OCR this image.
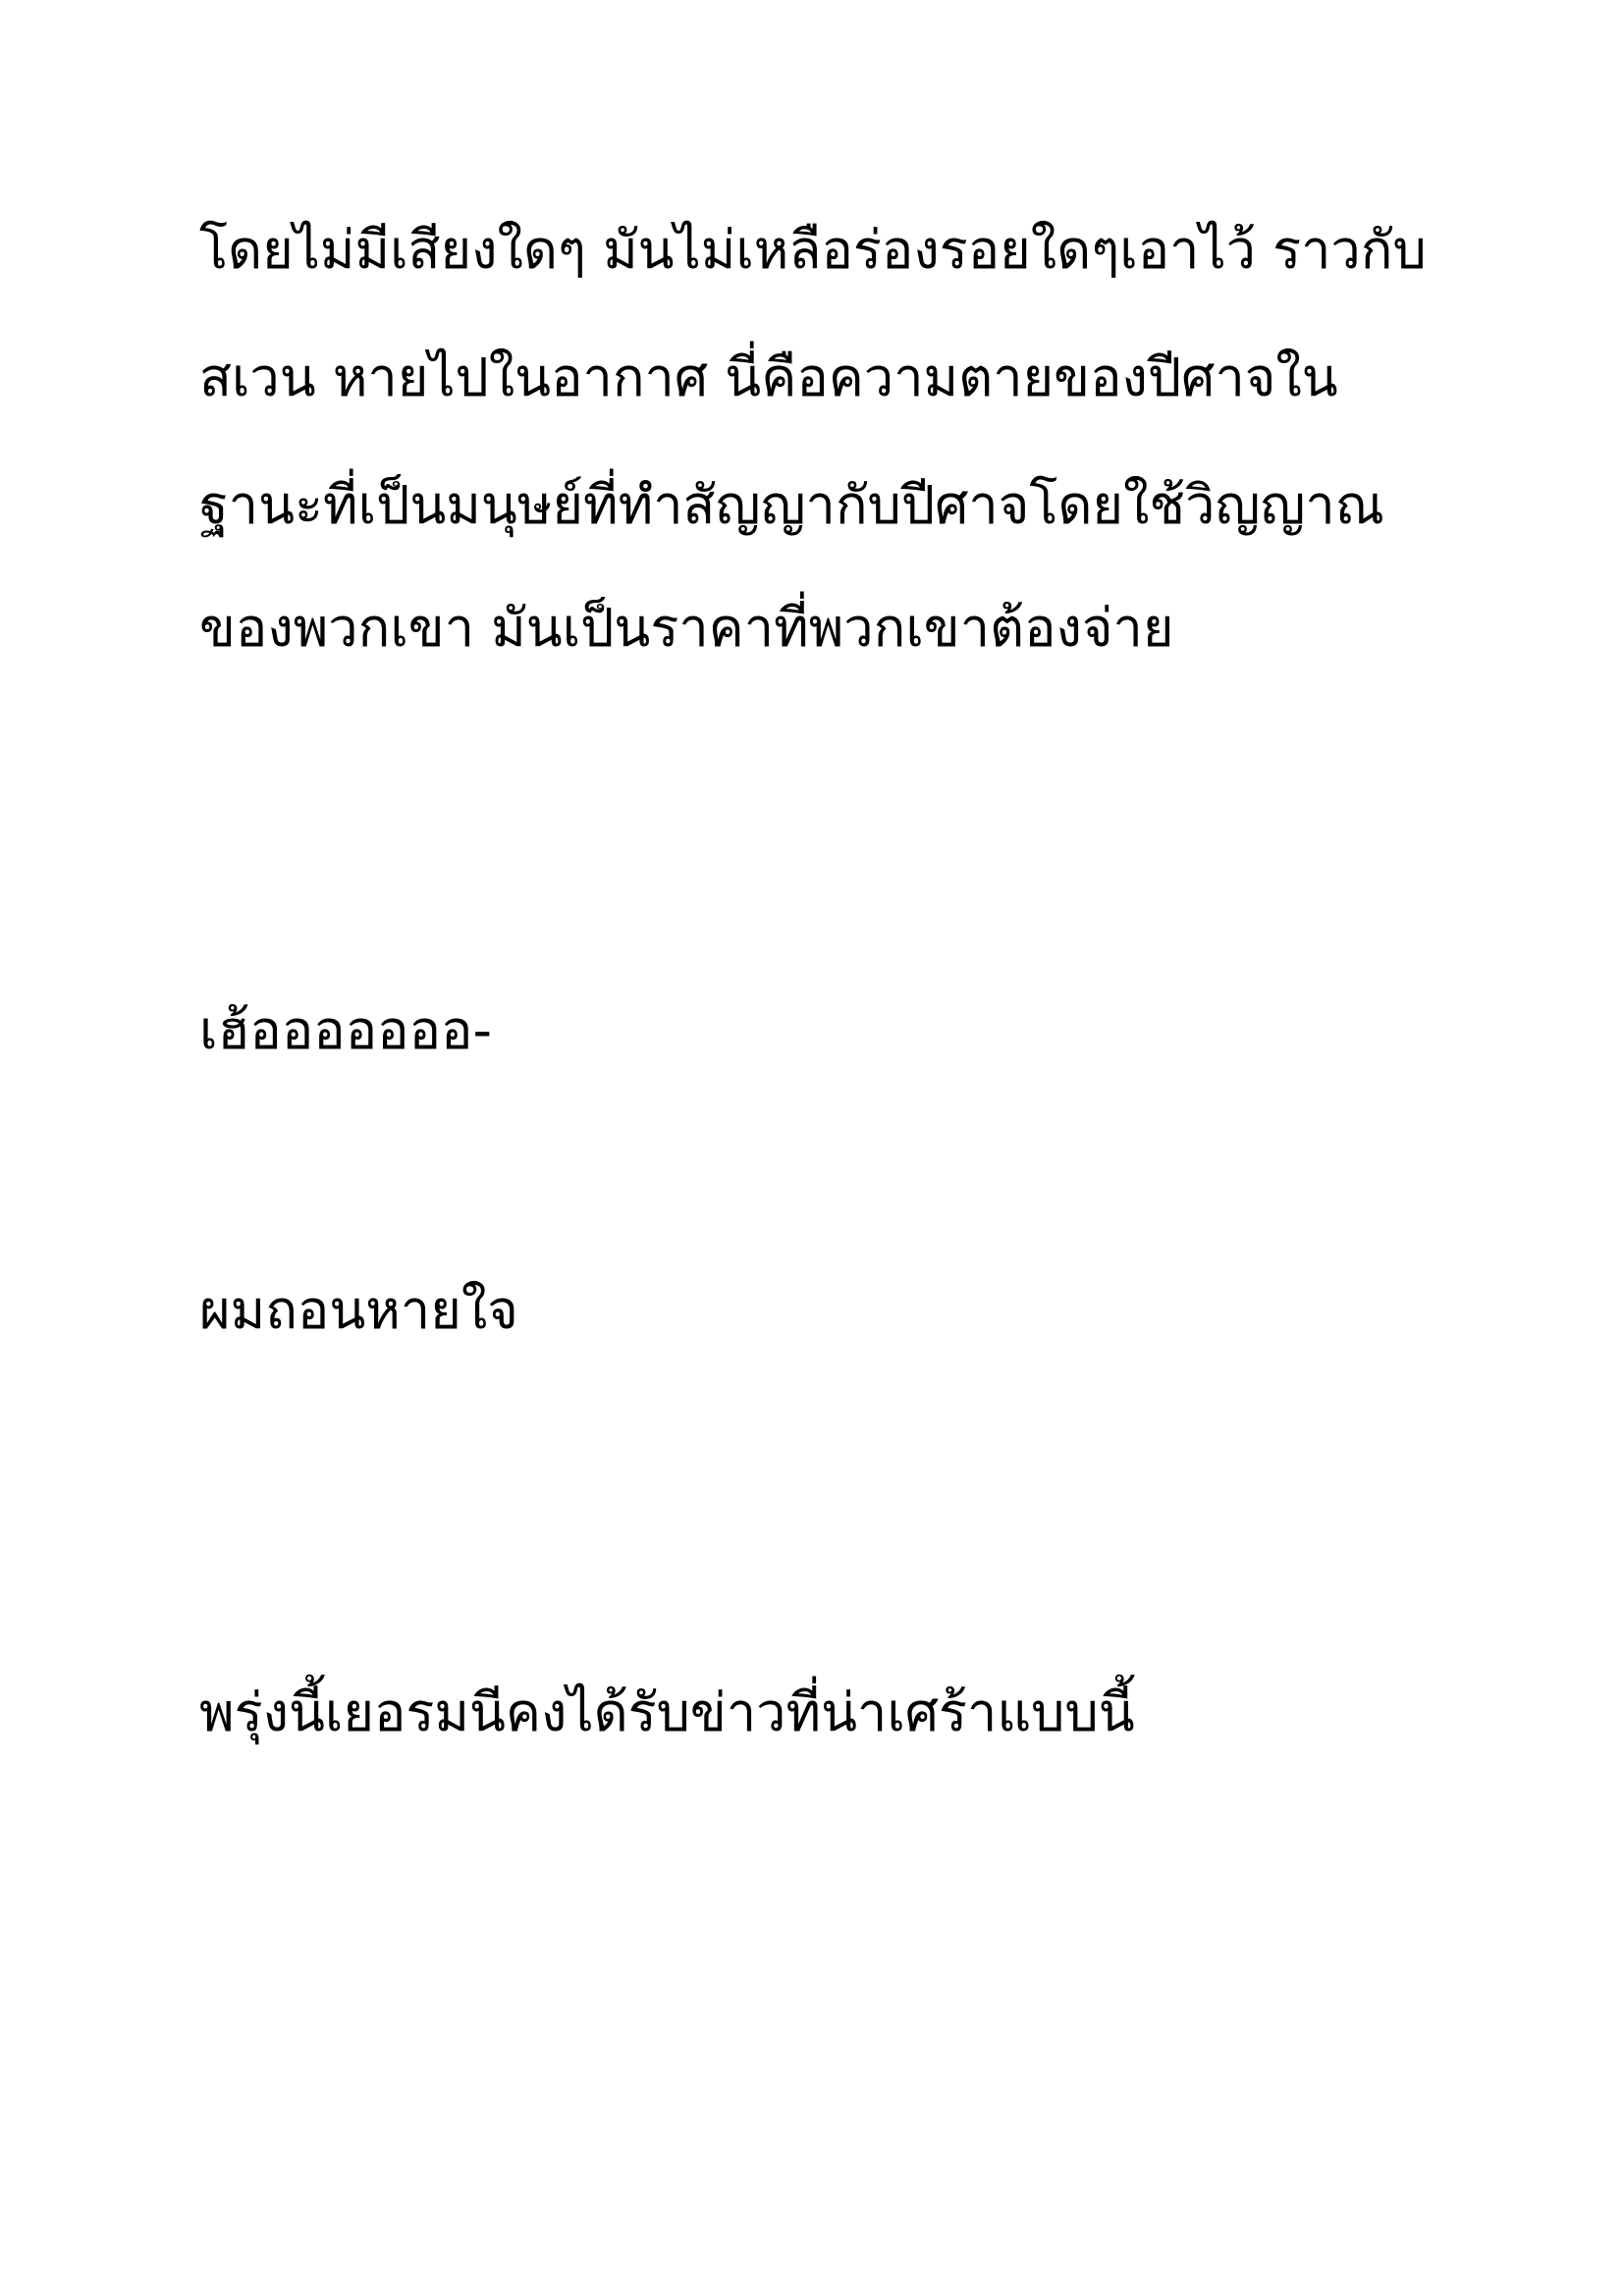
โดยไม่มีเสียงใดๆ มันไม่เหลือร่องรอยใดๆเอาไว้ ราวกับ
สเวน หายไปในอากาศ นี่คือความตายของปีศาจใน
ฐานะที่เป็นมนุษย์ที่ทำสัญญากับปีศาจโดยใช้วิญญาณ
ของพวกเขา มันเป็นราคาที่พวกเขาต้องจ่าย
เฮ้อออออออ-
ผมถอนหายใจ
พรุ่งนี้เยอรมนีคงได้รับข่าวที่น่าเศร้าแบบนี้
